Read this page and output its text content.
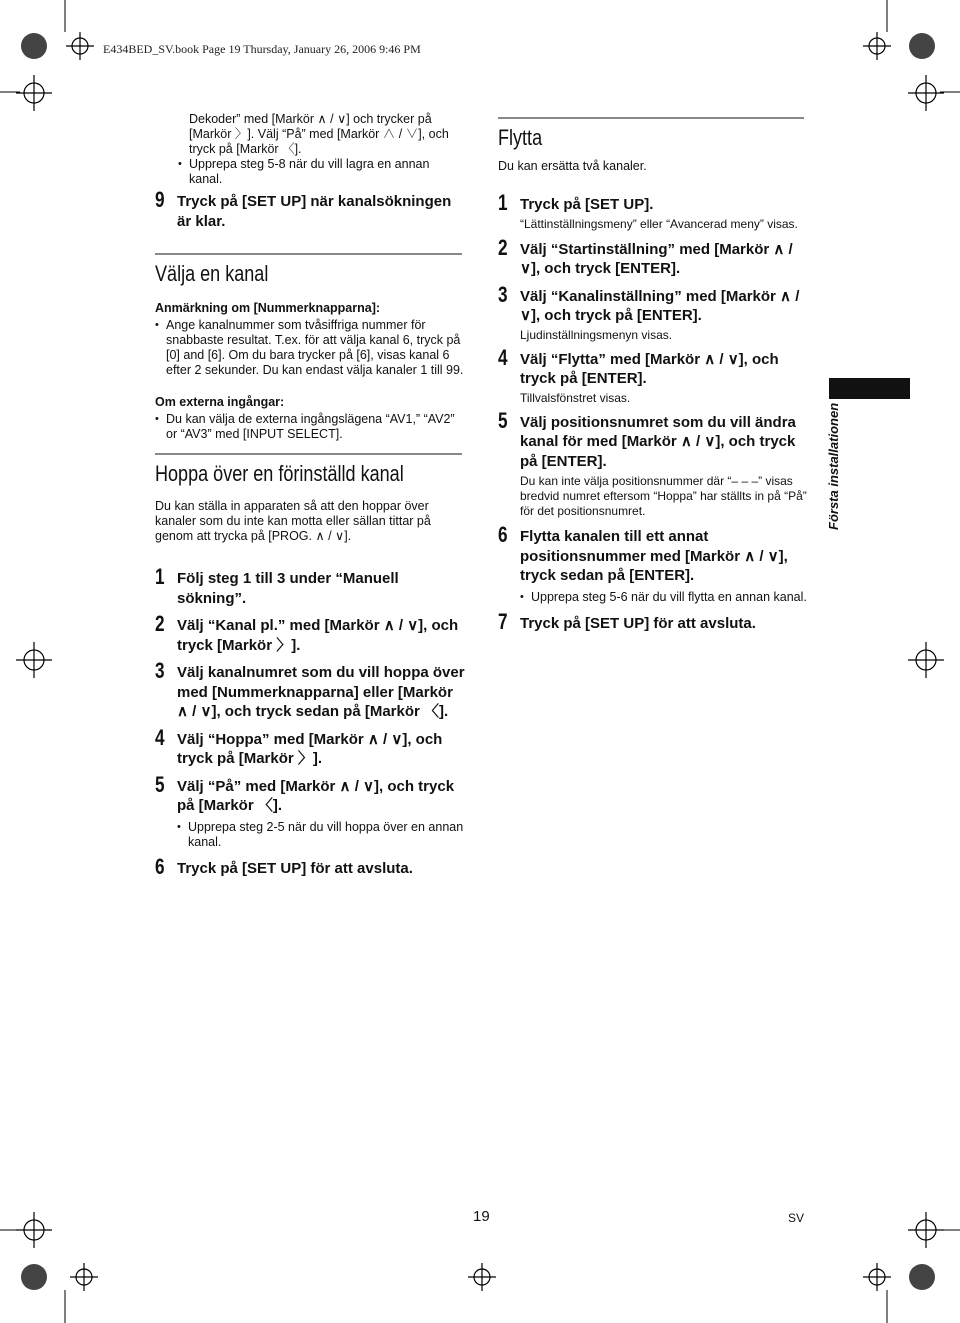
E434BED_SV.book Page 19 Thursday, January 26, 2006 9:46 PM

Dekoder” med [Markör ∧ / ∨] och trycker på

[Markör 〉]. Välj “På” med [Markör ∧ / ∨], och

tryck på [Markör 〈].

• Upprepa steg 5-8 när du vill lagra en annan kanal.
9 Tryck på [SET UP] när kanalsökningen är klar.
Välja en kanal

Anmärkning om [Nummerknapparna]:

• Ange kanalnummer som tvåsiffriga nummer för snabbaste resultat. T.ex. för att välja kanal 6, tryck på [0] and [6]. Om du bara trycker på [6], visas kanal 6 efter 2 sekunder. Du kan endast välja kanaler 1 till 99.

Om externa ingångar:

• Du kan välja de externa ingångslägena “AV1,” “AV2” or “AV3” med [INPUT SELECT].
Hoppa över en förinställd kanal

Du kan ställa in apparaten så att den hoppar över kanaler som du inte kan motta eller sällan tittar på genom att trycka på [PROG. ∧ / ∨].

1 Följ steg 1 till 3 under “Manuell sökning”.
2 Välj “Kanal pl.” med [Markör ∧ / ∨], och tryck [Markör 〉].
3 Välj kanalnumret som du vill hoppa över med [Nummerknapparna] eller [Markör ∧ / ∨], och tryck sedan på [Markör 〈].
4 Välj “Hoppa” med [Markör ∧ / ∨], och tryck på [Markör 〉].
5 Välj “På” med [Markör ∧ / ∨], och tryck på [Markör 〈].
• Upprepa steg 2-5 när du vill hoppa över en annan kanal.
6 Tryck på [SET UP] för att avsluta.
Flytta

Du kan ersätta två kanaler.

1 Tryck på [SET UP].

“Lättinställningsmeny” eller “Avancerad meny” visas.

2 Välj “Startinställning” med [Markör ∧ / ∨], och tryck [ENTER].
3 Välj “Kanalinställning” med [Markör ∧ / ∨], och tryck på [ENTER].

Ljudinställningsmenyn visas.

4 Välj “Flytta” med [Markör ∧ / ∨], och tryck på [ENTER].

Tillvalsfönstret visas.

5 Välj positionsnumret som du vill ändra kanal för med [Markör ∧ / ∨], och tryck på [ENTER].

Du kan inte välja positionsnummer där “– – –” visas bredvid numret eftersom “Hoppa” har ställts in på “På” för det positionsnumret.

6 Flytta kanalen till ett annat positionsnummer med [Markör ∧ / ∨], tryck sedan på [ENTER].
• Upprepa steg 5-6 när du vill flytta en annan kanal.
7 Tryck på [SET UP] för att avsluta.
Första installationen
19	SV
